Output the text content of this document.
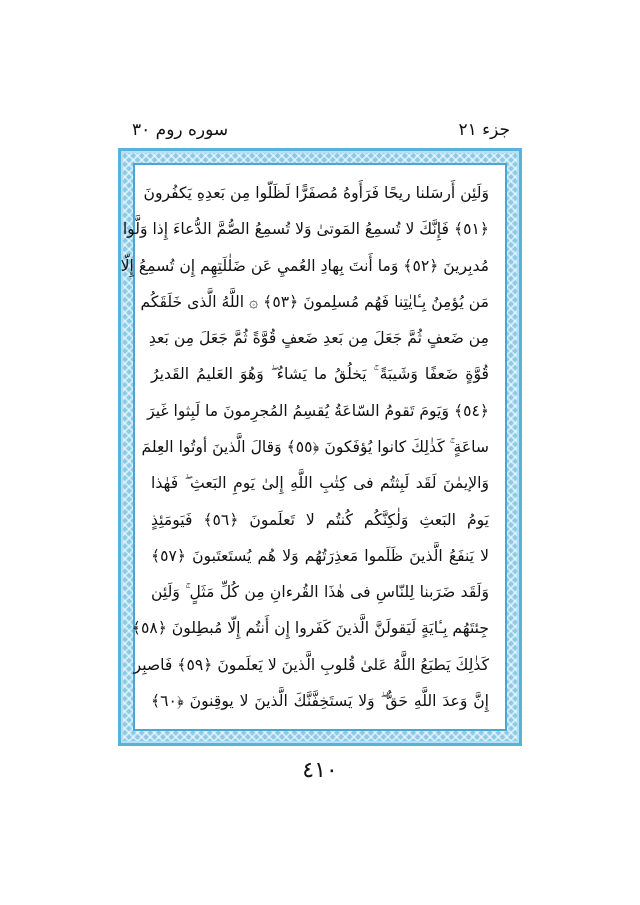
جزء ٢١
سوره روم ٣٠
وَلَئِن أَرسَلنا ريحًا فَرَأَوهُ مُصفَرًّا لَظَلّوا مِن بَعدِهِ يَكفُرونَ
﴿٥١﴾ فَإِنَّكَ لا تُسمِعُ المَوتىٰ وَلا تُسمِعُ الصُّمَّ الدُّعاءَ إِذا وَلَّوا
مُدبِرينَ ﴿٥٢﴾ وَما أَنتَ بِهادِ العُميِ عَن ضَلٰلَتِهِم إِن تُسمِعُ إِلّا
مَن يُؤمِنُ بِـٔايٰتِنا فَهُم مُسلِمونَ ﴿٥٣﴾ ۞ اللَّهُ الَّذى خَلَقَكُم
مِن ضَعفٍ ثُمَّ جَعَلَ مِن بَعدِ ضَعفٍ قُوَّةً ثُمَّ جَعَلَ مِن بَعدِ
قُوَّةٍ ضَعفًا وَشَيبَةً ۚ يَخلُقُ ما يَشاءُ ۖ وَهُوَ العَليمُ القَديرُ
﴿٥٤﴾ وَيَومَ تَقومُ السّاعَةُ يُقسِمُ المُجرِمونَ ما لَبِثوا غَيرَ
ساعَةٍ ۚ كَذٰلِكَ كانوا يُؤفَكونَ ﴿٥٥﴾ وَقالَ الَّذينَ أوتُوا العِلمَ
وَالإيمٰنَ لَقَد لَبِثتُم فى كِتٰبِ اللَّهِ إِلىٰ يَومِ البَعثِ ۖ فَهٰذا
يَومُ البَعثِ وَلٰكِنَّكُم كُنتُم لا تَعلَمونَ ﴿٥٦﴾ فَيَومَئِذٍ
لا يَنفَعُ الَّذينَ ظَلَموا مَعذِرَتُهُم وَلا هُم يُستَعتَبونَ ﴿٥٧﴾
وَلَقَد ضَرَبنا لِلنّاسِ فى هٰذَا القُرءانِ مِن كُلِّ مَثَلٍ ۚ وَلَئِن
جِئتَهُم بِـٔايَةٍ لَيَقولَنَّ الَّذينَ كَفَروا إِن أَنتُم إِلّا مُبطِلونَ ﴿٥٨﴾
كَذٰلِكَ يَطبَعُ اللَّهُ عَلىٰ قُلوبِ الَّذينَ لا يَعلَمونَ ﴿٥٩﴾ فَاصبِر
إِنَّ وَعدَ اللَّهِ حَقٌّ ۖ وَلا يَستَخِفَّنَّكَ الَّذينَ لا يوقِنونَ ﴿٦٠﴾
٤١٠
